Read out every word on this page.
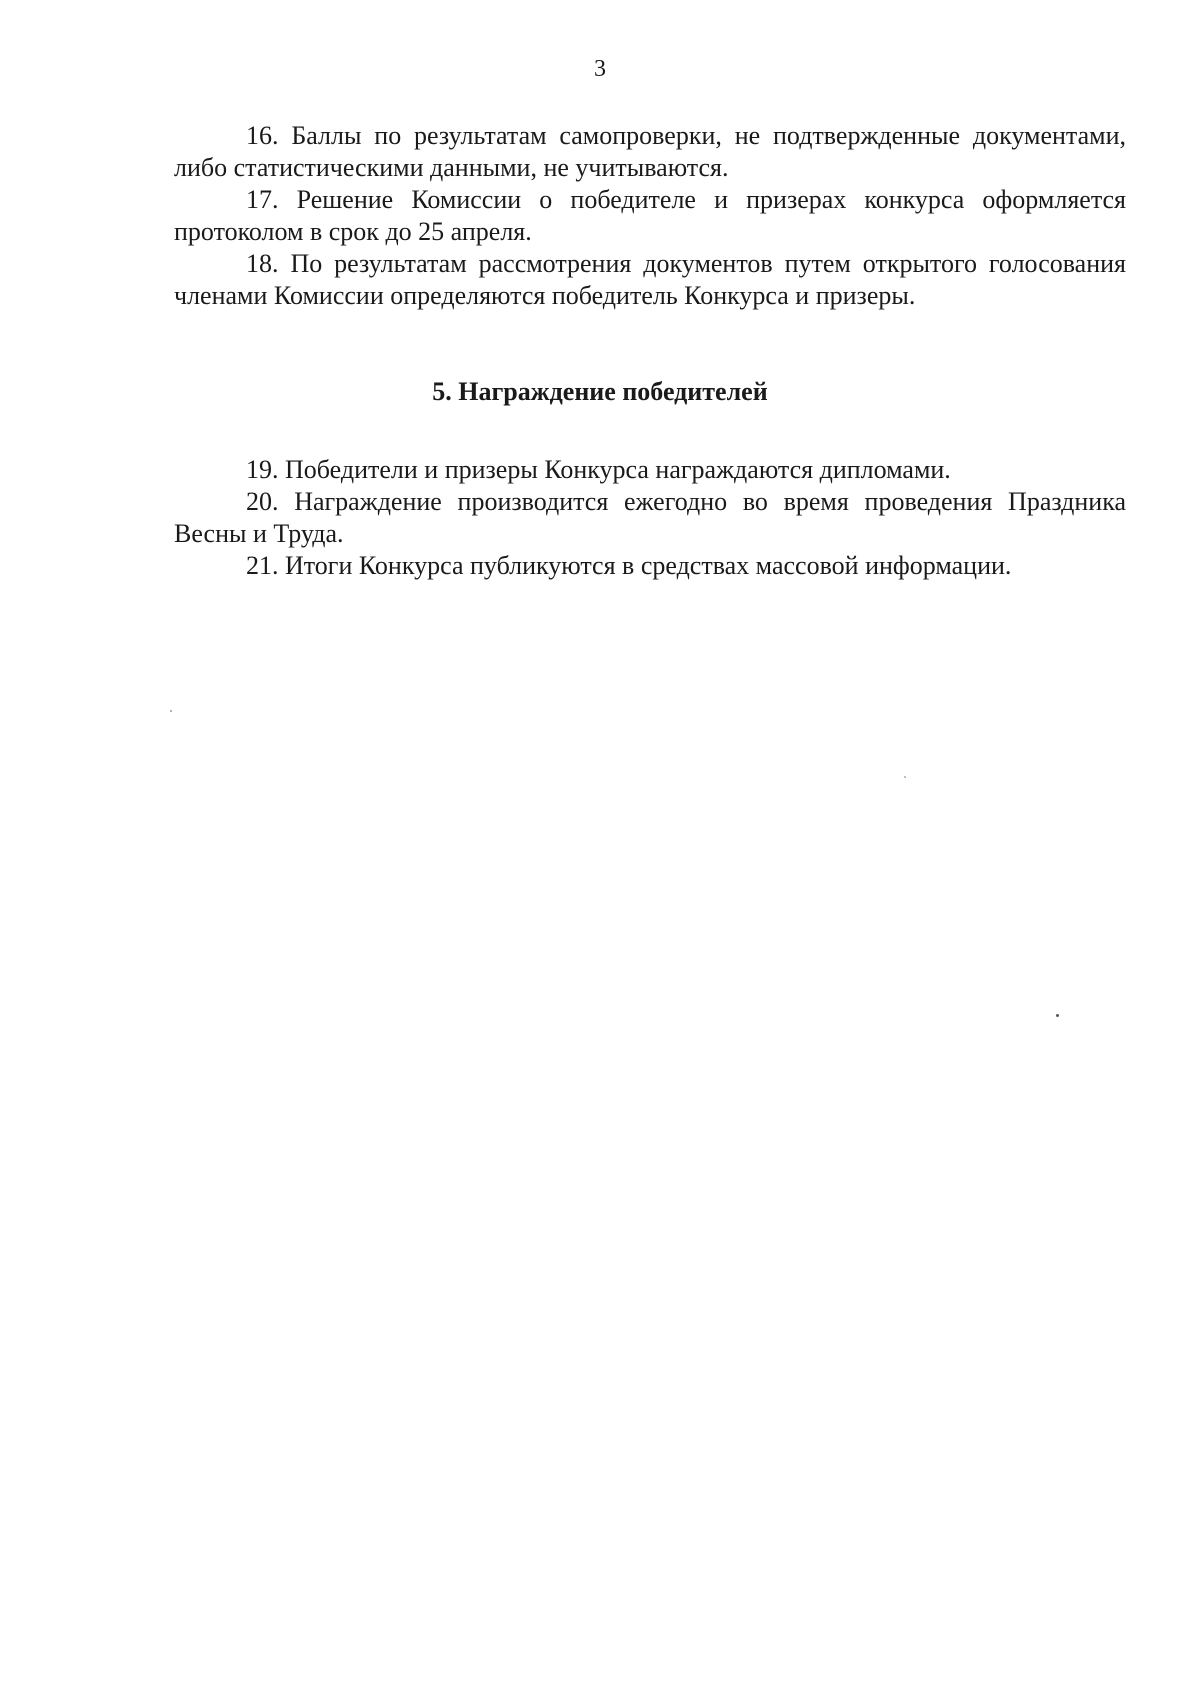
3

16. Баллы по результатам самопроверки, не подтвержденные документами, либо статистическими данными, не учитываются.

17. Решение Комиссии о победителе и призерах конкурса оформляется протоколом в срок до 25 апреля.

18. По результатам рассмотрения документов путем открытого голосования членами Комиссии определяются победитель Конкурса и призеры.

5. Награждение победителей

19. Победители и призеры Конкурса награждаются дипломами.

20. Награждение производится ежегодно во время проведения Праздника Весны и Труда.

21. Итоги Конкурса публикуются в средствах массовой информации.
